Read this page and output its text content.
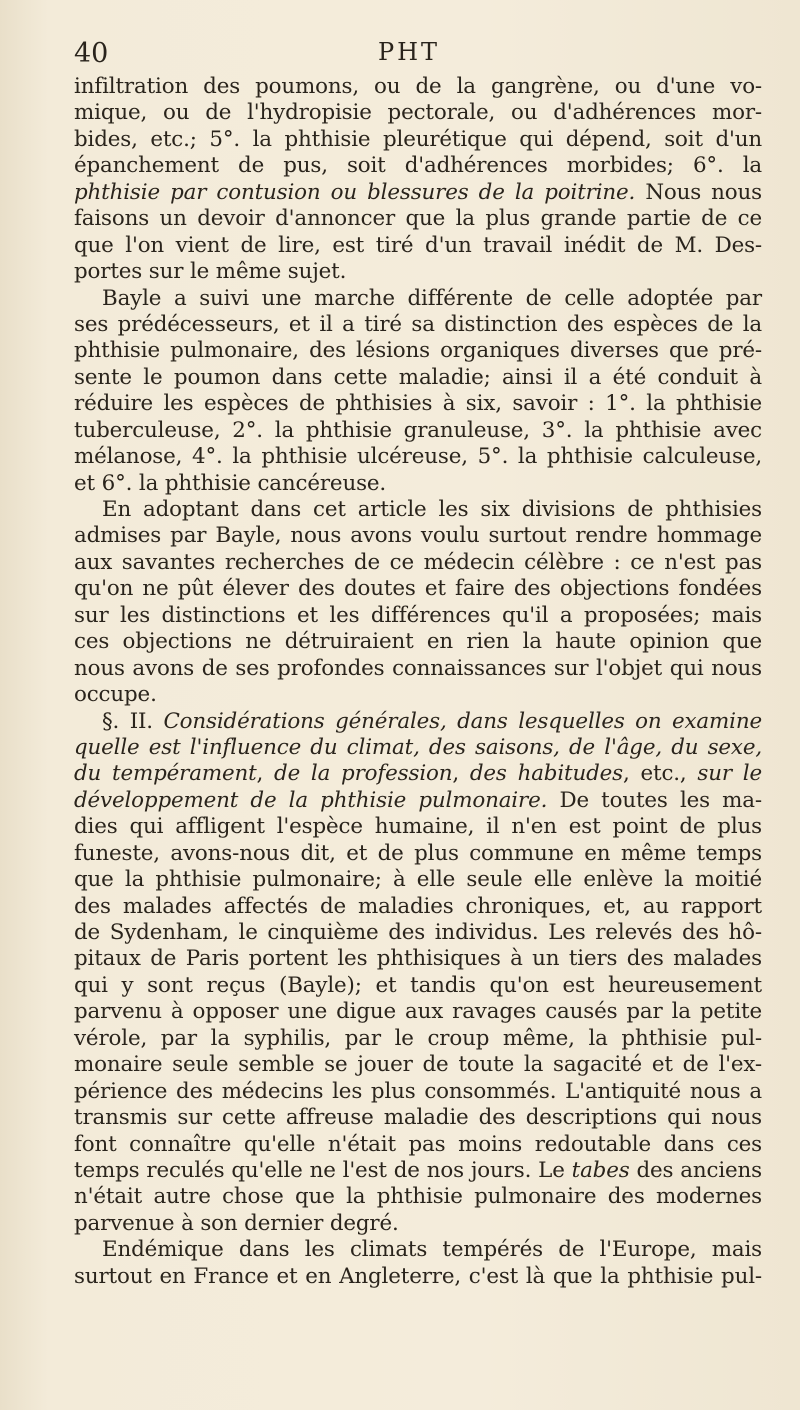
40	PHT
infiltration des poumons, ou de la gangrène, ou d'une vo-
mique, ou de l'hydropisie pectorale, ou d'adhérences mor-
bides, etc.; 5°. la phthisie pleurétique qui dépend, soit d'un
épanchement de pus, soit d'adhérences morbides; 6°. la
phthisie par contusion ou blessures de la poitrine. Nous nous
faisons un devoir d'annoncer que la plus grande partie de ce
que l'on vient de lire, est tiré d'un travail inédit de M. Des-
portes sur le même sujet.
Bayle a suivi une marche différente de celle adoptée par
ses prédécesseurs, et il a tiré sa distinction des espèces de la
phthisie pulmonaire, des lésions organiques diverses que pré-
sente le poumon dans cette maladie; ainsi il a été conduit à
réduire les espèces de phthisies à six, savoir : 1°. la phthisie
tuberculeuse, 2°. la phthisie granuleuse, 3°. la phthisie avec
mélanose, 4°. la phthisie ulcéreuse, 5°. la phthisie calculeuse,
et 6°. la phthisie cancéreuse.
En adoptant dans cet article les six divisions de phthisies
admises par Bayle, nous avons voulu surtout rendre hommage
aux savantes recherches de ce médecin célèbre : ce n'est pas
qu'on ne pût élever des doutes et faire des objections fondées
sur les distinctions et les différences qu'il a proposées; mais
ces objections ne détruiraient en rien la haute opinion que
nous avons de ses profondes connaissances sur l'objet qui nous
occupe.
§. II. Considérations générales, dans lesquelles on examine
quelle est l'influence du climat, des saisons, de l'âge, du sexe,
du tempérament, de la profession, des habitudes, etc., sur le
développement de la phthisie pulmonaire. De toutes les ma-
dies qui affligent l'espèce humaine, il n'en est point de plus
funeste, avons-nous dit, et de plus commune en même temps
que la phthisie pulmonaire; à elle seule elle enlève la moitié
des malades affectés de maladies chroniques, et, au rapport
de Sydenham, le cinquième des individus. Les relevés des hô-
pitaux de Paris portent les phthisiques à un tiers des malades
qui y sont reçus (Bayle); et tandis qu'on est heureusement
parvenu à opposer une digue aux ravages causés par la petite
vérole, par la syphilis, par le croup même, la phthisie pul-
monaire seule semble se jouer de toute la sagacité et de l'ex-
périence des médecins les plus consommés. L'antiquité nous a
transmis sur cette affreuse maladie des descriptions qui nous
font connaître qu'elle n'était pas moins redoutable dans ces
temps reculés qu'elle ne l'est de nos jours. Le tabes des anciens
n'était autre chose que la phthisie pulmonaire des modernes
parvenue à son dernier degré.
Endémique dans les climats tempérés de l'Europe, mais
surtout en France et en Angleterre, c'est là que la phthisie pul-
